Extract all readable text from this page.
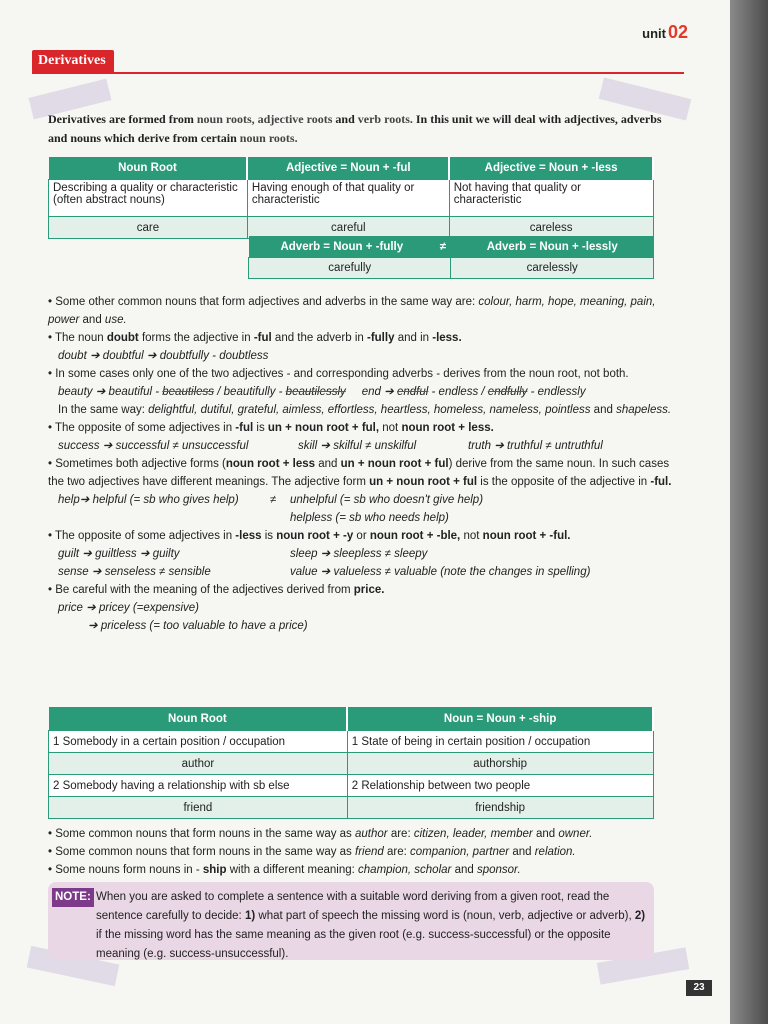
unit 02
Derivatives
Derivatives are formed from noun roots, adjective roots and verb roots. In this unit we will deal with adjectives, adverbs and nouns which derive from certain noun roots.
Noun Root	Adjective = Noun + -ful	Adjective = Noun + -less
Describing a quality or characteristic (often abstract nouns)	Having enough of that quality or characteristic	Not having that quality or characteristic
care	careful	careless
Adverb = Noun + -fully	≠	Adverb = Noun + -lessly
carefully		carelessly

• Some other common nouns that form adjectives and adverbs in the same way are: colour, harm, hope, meaning, pain, power and use.

• The noun doubt forms the adjective in -ful and the adverb in -fully and in -less.

doubt ➔ doubtful ➔ doubtfully - doubtless

• In some cases only one of the two adjectives - and corresponding adverbs - derives from the noun root, not both.

beauty ➔ beautiful - beautiless / beautifully - beautilessly end ➔ endful - endless / endfully - endlessly

In the same way: delightful, dutiful, grateful, aimless, effortless, heartless, homeless, nameless, pointless and shapeless.

• The opposite of some adjectives in -ful is un + noun root + ful, not noun root + less.

success ➔ successful ≠ unsuccessful	skill ➔ skilful ≠ unskilful	truth ➔ truthful ≠ untruthful

• Sometimes both adjective forms (noun root + less and un + noun root + ful) derive from the same noun. In such cases the two adjectives have different meanings. The adjective form un + noun root + ful is the opposite of the adjective in -ful.

help➔ helpful (= sb who gives help)	≠ unhelpful (= sb who doesn't give help)

helpless (= sb who needs help)

• The opposite of some adjectives in -less is noun root + -y or noun root + -ble, not noun root + -ful.

guilt ➔ guiltless ➔ guilty	sleep ➔ sleepless ≠ sleepy

sense ➔ senseless ≠ sensible	value ➔ valueless ≠ valuable (note the changes in spelling)

• Be careful with the meaning of the adjectives derived from price.

price ➔ pricey (=expensive)

➔ priceless (= too valuable to have a price)

Noun Root	Noun = Noun + -ship
1 Somebody in a certain position / occupation	1 State of being in certain position / occupation
author	authorship
2 Somebody having a relationship with sb else	2 Relationship between two people
friend	friendship

• Some common nouns that form nouns in the same way as author are: citizen, leader, member and owner.

• Some common nouns that form nouns in the same way as friend are: companion, partner and relation.

• Some nouns form nouns in - ship with a different meaning: champion, scholar and sponsor.

NOTE: When you are asked to complete a sentence with a suitable word deriving from a given root, read the sentence carefully to decide: 1) what part of speech the missing word is (noun, verb, adjective or adverb), 2) if the missing word has the same meaning as the given root (e.g. success-successful) or the opposite meaning (e.g. success-unsuccessful).
23
